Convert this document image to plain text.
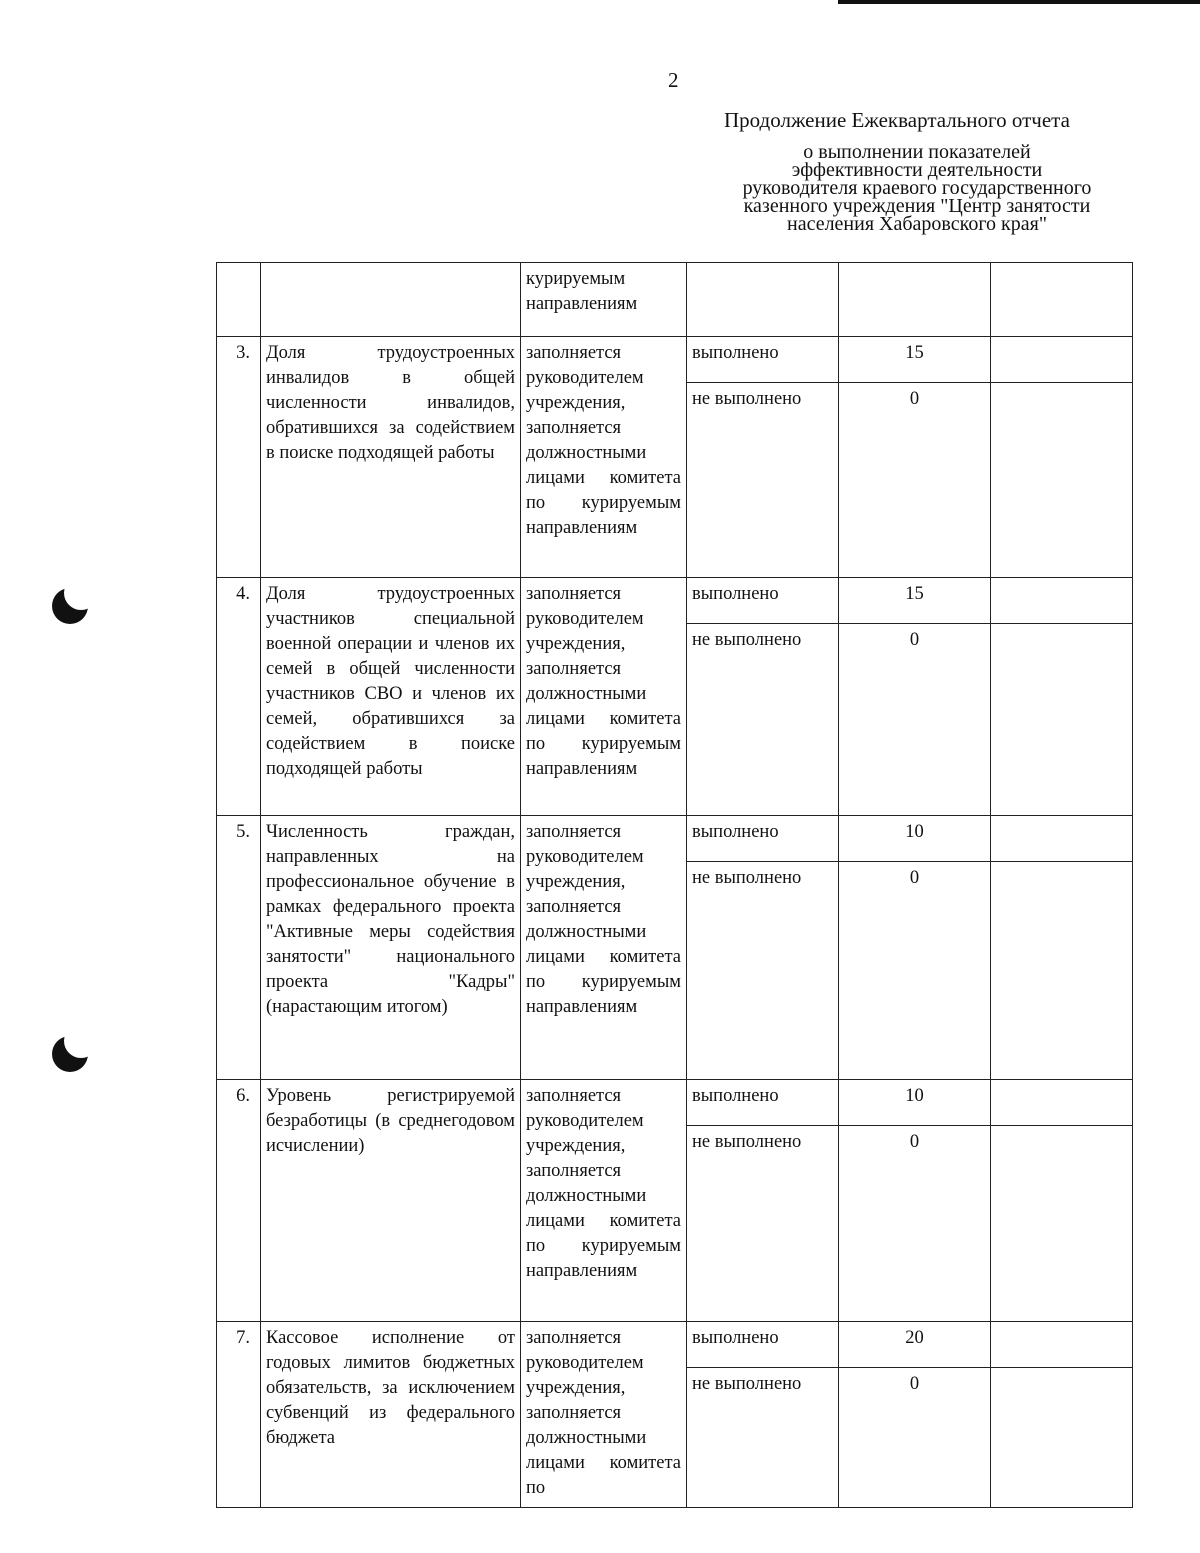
2
Продолжение Ежеквартального отчета
о выполнении показателей
эффективности деятельности
руководителя краевого государственного
казенного учреждения "Центр занятости
населения Хабаровского края"
		курируемым направлениям			
3.	Доля трудоустроенных инвалидов в общей численности инвалидов, обратившихся за содействием в поиске подходящей работы	заполняется руководителем учреждения, заполняется должностными лицами комитета по курируемым направлениям	выполнено	15	
			не выполнено	0	
4.	Доля трудоустроенных участников специальной военной операции и членов их семей в общей численности участников СВО и членов их семей, обратившихся за содействием в поиске подходящей работы	заполняется руководителем учреждения, заполняется должностными лицами комитета по курируемым направлениям	выполнено	15	
			не выполнено	0	
5.	Численность граждан, направленных на профессиональное обучение в рамках федерального проекта "Активные меры содействия занятости" национального проекта "Кадры" (нарастающим итогом)	заполняется руководителем учреждения, заполняется должностными лицами комитета по курируемым направлениям	выполнено	10	
			не выполнено	0	
6.	Уровень регистрируемой безработицы (в среднегодовом исчислении)	заполняется руководителем учреждения, заполняется должностными лицами комитета по курируемым направлениям	выполнено	10	
			не выполнено	0	
7.	Кассовое исполнение от годовых лимитов бюджетных обязательств, за исключением субвенций из федерального бюджета	заполняется руководителем учреждения, заполняется должностными лицами комитета по	выполнено	20	
			не выполнено	0	
